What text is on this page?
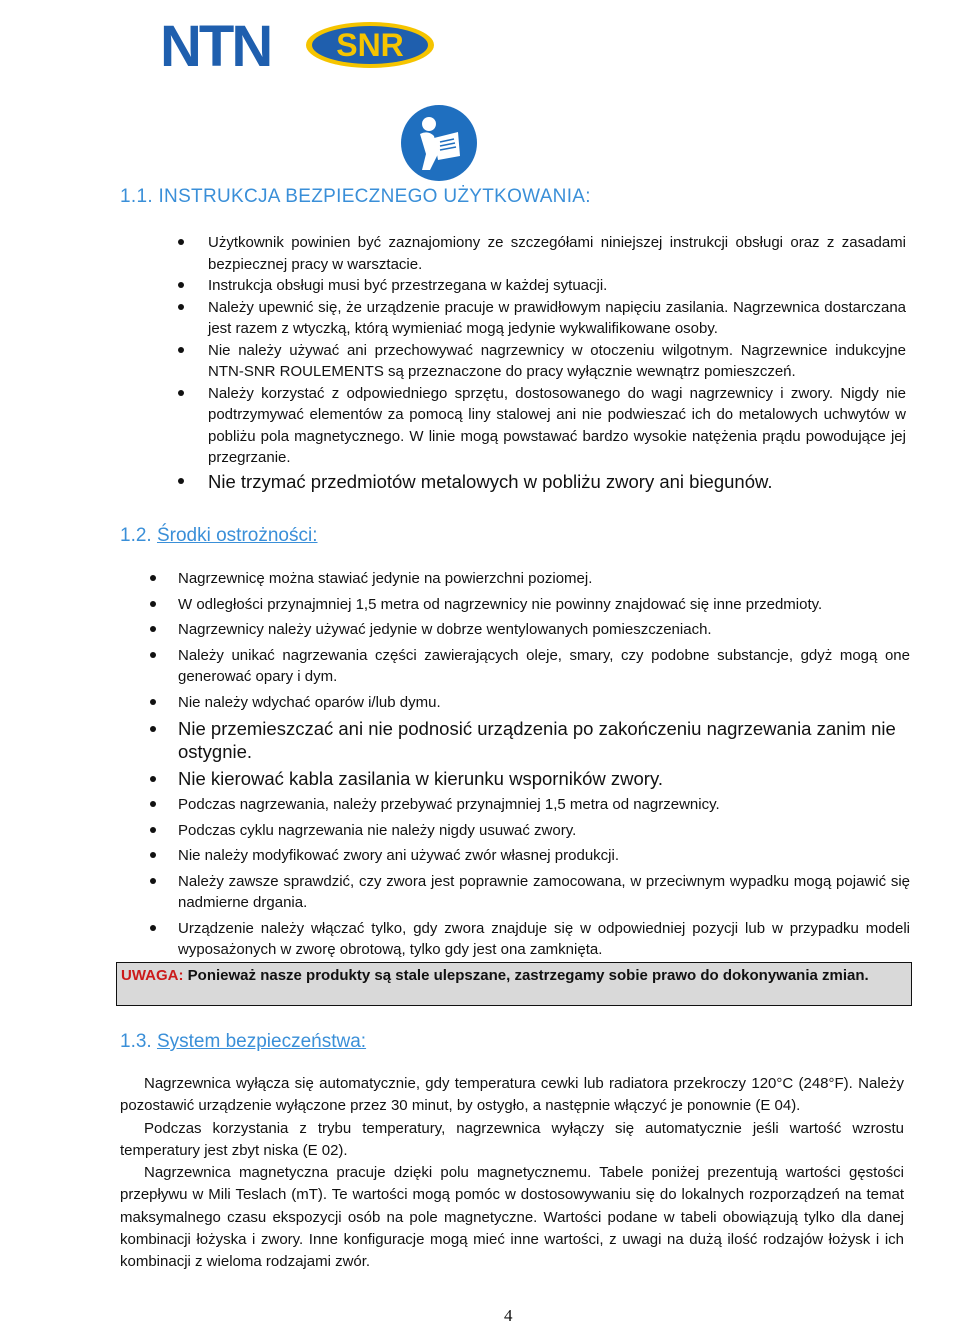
NTN SNR
1.1. INSTRUKCJA BEZPIECZNEGO UŻYTKOWANIA:
Użytkownik powinien być zaznajomiony ze szczegółami niniejszej instrukcji obsługi oraz z zasadami bezpiecznej pracy w warsztacie.
Instrukcja obsługi musi być przestrzegana w każdej sytuacji.
Należy upewnić się, że urządzenie pracuje w prawidłowym napięciu zasilania. Nagrzewnica dostarczana jest razem z wtyczką, którą wymieniać mogą jedynie wykwalifikowane osoby.
Nie należy używać ani przechowywać nagrzewnicy w otoczeniu wilgotnym. Nagrzewnice indukcyjne NTN-SNR ROULEMENTS są przeznaczone do pracy wyłącznie wewnątrz pomieszczeń.
Należy korzystać z odpowiedniego sprzętu, dostosowanego do wagi nagrzewnicy i zwory. Nigdy nie podtrzymywać elementów za pomocą liny stalowej ani nie podwieszać ich do metalowych uchwytów w pobliżu pola magnetycznego. W linie mogą powstawać bardzo wysokie natężenia prądu powodujące jej przegrzanie.
Nie trzymać przedmiotów metalowych w pobliżu zwory ani biegunów.
1.2. Środki ostrożności:
Nagrzewnicę można stawiać jedynie na powierzchni poziomej.
W odległości przynajmniej 1,5 metra od nagrzewnicy nie powinny znajdować się inne przedmioty.
Nagrzewnicy należy używać jedynie w dobrze wentylowanych pomieszczeniach.
Należy unikać nagrzewania części zawierających oleje, smary, czy podobne substancje, gdyż mogą one generować opary i dym.
Nie należy wdychać oparów i/lub dymu.
Nie przemieszczać ani nie podnosić urządzenia po zakończeniu nagrzewania zanim nie ostygnie.
Nie kierować kabla zasilania w kierunku wsporników zwory.
Podczas nagrzewania, należy przebywać przynajmniej 1,5 metra od nagrzewnicy.
Podczas cyklu nagrzewania nie należy nigdy usuwać zwory.
Nie należy modyfikować zwory ani używać zwór własnej produkcji.
Należy zawsze sprawdzić, czy zwora jest poprawnie zamocowana, w przeciwnym wypadku mogą pojawić się nadmierne drgania.
Urządzenie należy włączać tylko, gdy zwora znajduje się w odpowiedniej pozycji lub w przypadku modeli wyposażonych w zworę obrotową, tylko gdy jest ona zamknięta.
UWAGA: Ponieważ nasze produkty są stale ulepszane, zastrzegamy sobie prawo do dokonywania zmian.
1.3. System bezpieczeństwa:

Nagrzewnica wyłącza się automatycznie, gdy temperatura cewki lub radiatora przekroczy 120°C (248°F). Należy pozostawić urządzenie wyłączone przez 30 minut, by ostygło, a następnie włączyć je ponownie (E 04).

Podczas korzystania z trybu temperatury, nagrzewnica wyłączy się automatycznie jeśli wartość wzrostu temperatury jest zbyt niska (E 02).

Nagrzewnica magnetyczna pracuje dzięki polu magnetycznemu. Tabele poniżej prezentują wartości gęstości przepływu w Mili Teslach (mT). Te wartości mogą pomóc w dostosowywaniu się do lokalnych rozporządzeń na temat maksymalnego czasu ekspozycji osób na pole magnetyczne. Wartości podane w tabeli obowiązują tylko dla danej kombinacji łożyska i zwory. Inne konfiguracje mogą mieć inne wartości, z uwagi na dużą ilość rodzajów łożysk i ich kombinacji z wieloma rodzajami zwór.

4
